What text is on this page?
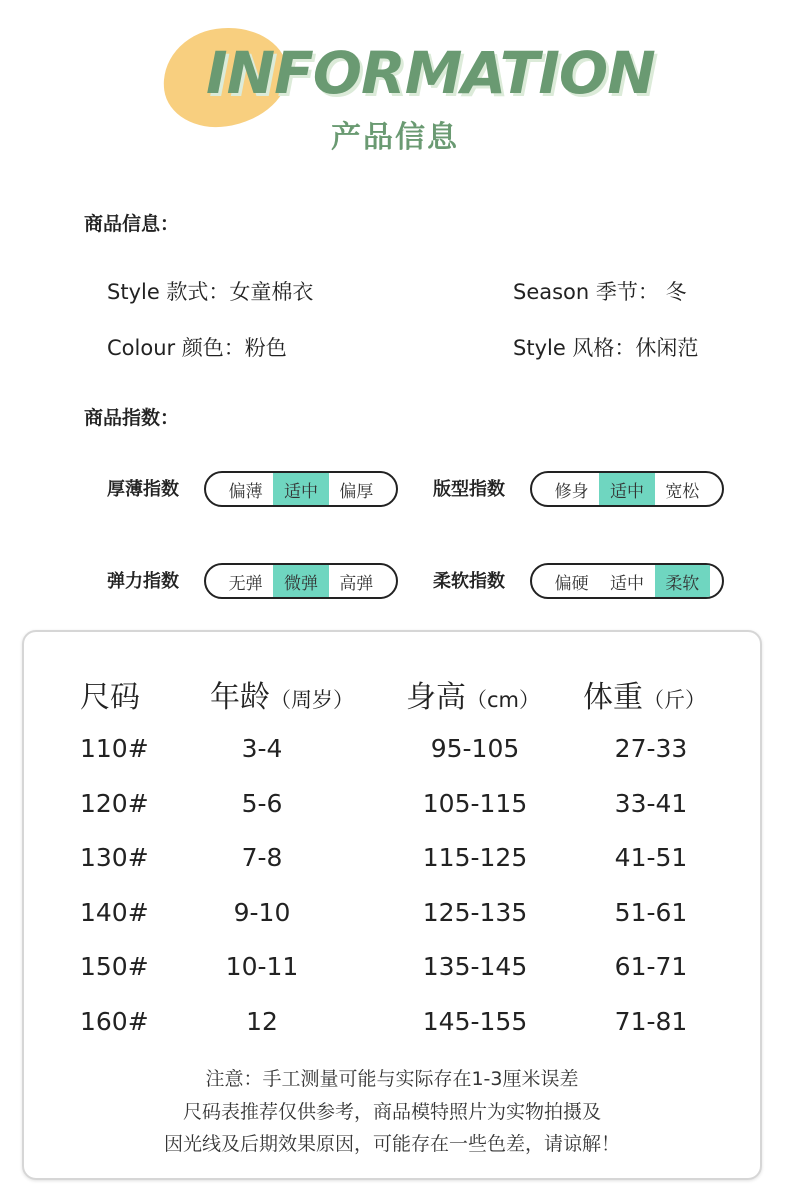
INFORMATION
产品信息
商品信息：
Style 款式：女童棉衣	Season 季节： 冬
Colour 颜色：粉色	Style 风格：休闲范
商品指数：
厚薄指数	偏薄	适中	偏厚	版型指数	修身	适中	宽松
弹力指数	无弹	微弹	高弹	柔软指数	偏硬	适中	柔软
尺码 年龄（周岁） 身高（cm） 体重（斤）
110#	3-4	95-105	27-33
120#	5-6	105-115	33-41
130#	7-8	115-125	41-51
140#	9-10	125-135	51-61
150#	10-11	135-145	61-71
160#	12	145-155	71-81
注意：手工测量可能与实际存在1-3厘米误差
尺码表推荐仅供参考，商品模特照片为实物拍摄及
因光线及后期效果原因，可能存在一些色差，请谅解！
